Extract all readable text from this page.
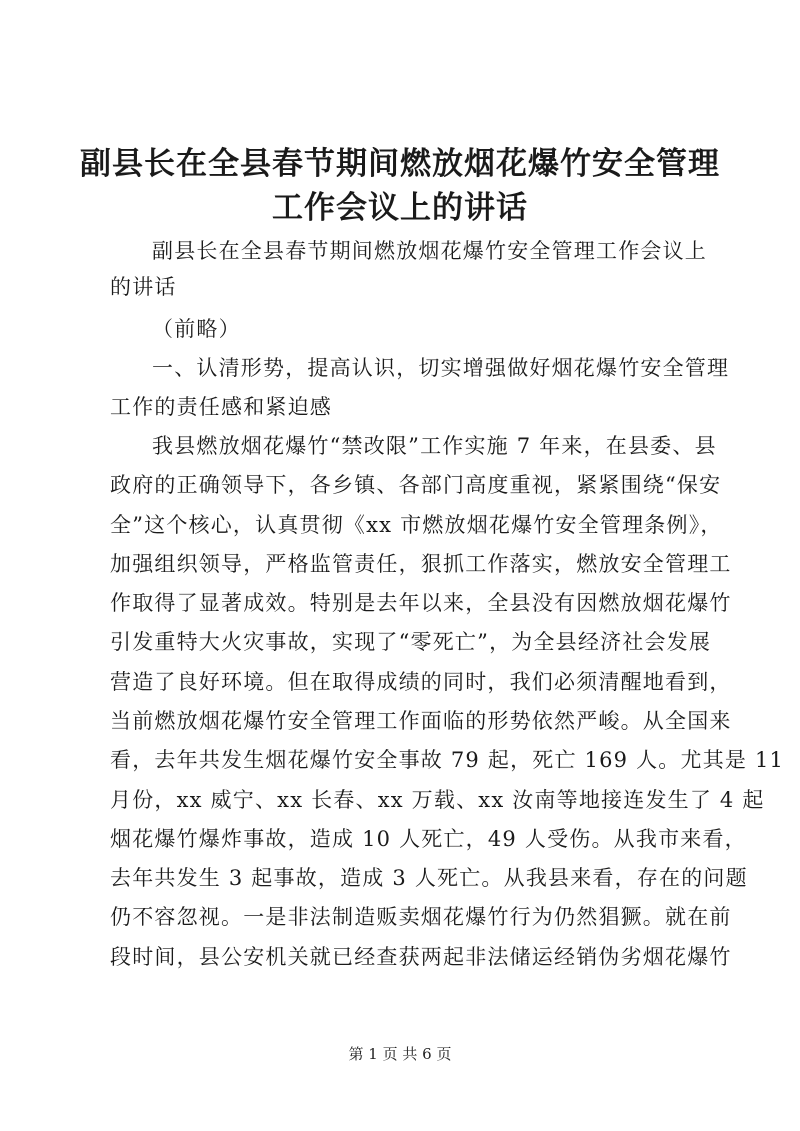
副县长在全县春节期间燃放烟花爆竹安全管理
工作会议上的讲话
副县长在全县春节期间燃放烟花爆竹安全管理工作会议上
的讲话
（前略）
一、认清形势，提高认识，切实增强做好烟花爆竹安全管理
工作的责任感和紧迫感
我县燃放烟花爆竹“禁改限”工作实施 7 年来，在县委、县
政府的正确领导下，各乡镇、各部门高度重视，紧紧围绕“保安
全”这个核心，认真贯彻《xx 市燃放烟花爆竹安全管理条例》，
加强组织领导，严格监管责任，狠抓工作落实，燃放安全管理工
作取得了显著成效。特别是去年以来，全县没有因燃放烟花爆竹
引发重特大火灾事故，实现了“零死亡”，为全县经济社会发展
营造了良好环境。但在取得成绩的同时，我们必须清醒地看到，
当前燃放烟花爆竹安全管理工作面临的形势依然严峻。从全国来
看，去年共发生烟花爆竹安全事故 79 起，死亡 169 人。尤其是 11
月份，xx 威宁、xx 长春、xx 万载、xx 汝南等地接连发生了 4 起
烟花爆竹爆炸事故，造成 10 人死亡，49 人受伤。从我市来看，
去年共发生 3 起事故，造成 3 人死亡。从我县来看，存在的问题
仍不容忽视。一是非法制造贩卖烟花爆竹行为仍然猖獗。就在前
段时间，县公安机关就已经查获两起非法储运经销伪劣烟花爆竹
第 1 页 共 6 页
